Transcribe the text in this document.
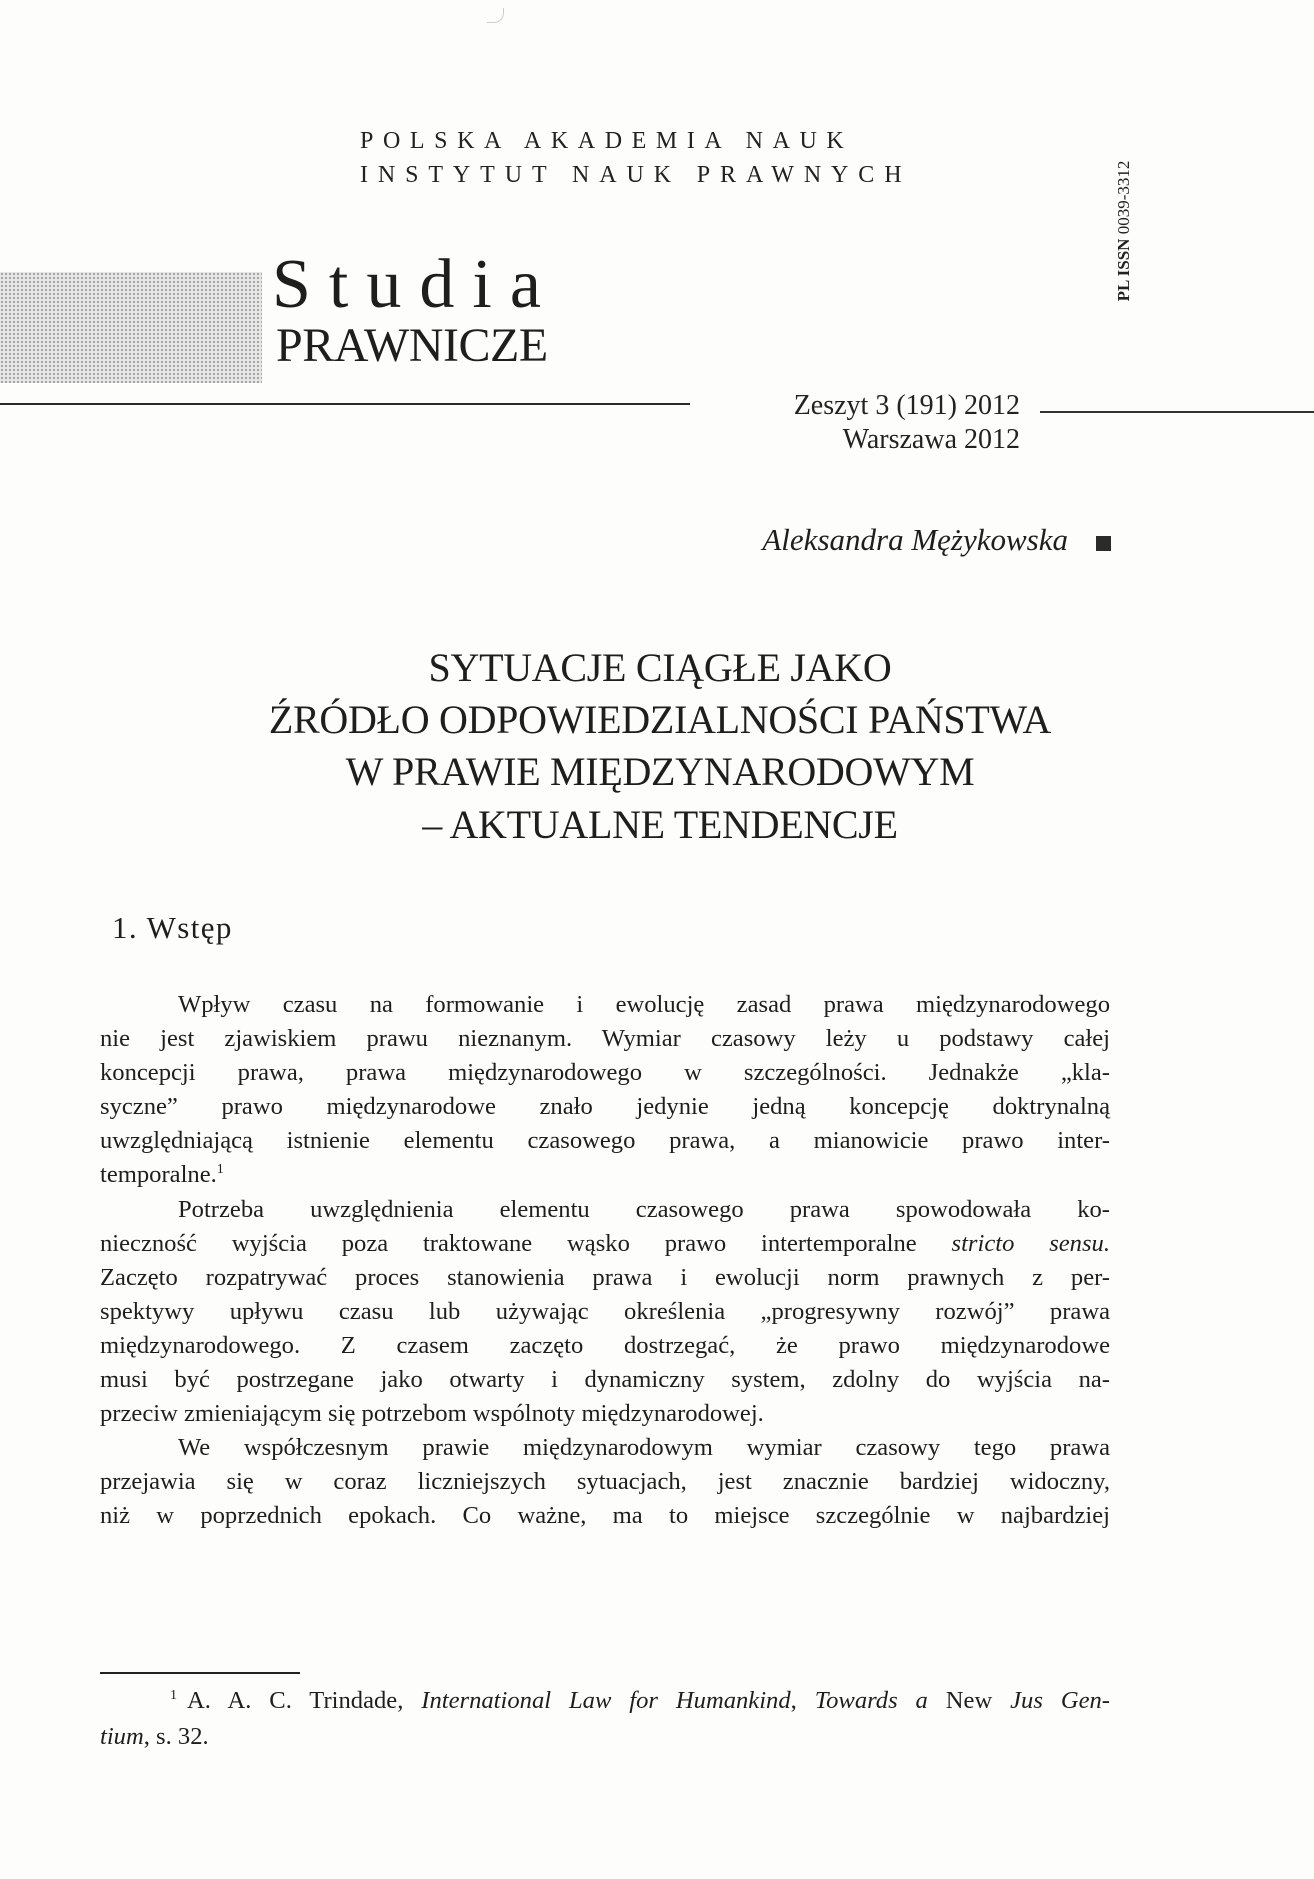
POLSKA AKADEMIA NAUK
INSTYTUT NAUK PRAWNYCH
Studia
PRAWNICZE
Zeszyt 3 (191) 2012
Warszawa 2012
PL ISSN 0039-3312
Aleksandra Mężykowska
SYTUACJE CIĄGŁE JAKO
ŹRÓDŁO ODPOWIEDZIALNOŚCI PAŃSTWA
W PRAWIE MIĘDZYNARODOWYM
– AKTUALNE TENDENCJE
1. Wstęp
Wpływ czasu na formowanie i ewolucję zasad prawa międzynarodowego
nie jest zjawiskiem prawu nieznanym. Wymiar czasowy leży u podstawy całej
koncepcji prawa, prawa międzynarodowego w szczególności. Jednakże „kla-
syczne” prawo międzynarodowe znało jedynie jedną koncepcję doktrynalną
uwzględniającą istnienie elementu czasowego prawa, a mianowicie prawo inter-
temporalne.$^1$
Potrzeba uwzględnienia elementu czasowego prawa spowodowała ko-
nieczność wyjścia poza traktowane wąsko prawo intertemporalne stricto sensu.
Zaczęto rozpatrywać proces stanowienia prawa i ewolucji norm prawnych z per-
spektywy upływu czasu lub używając określenia „progresywny rozwój” prawa
międzynarodowego. Z czasem zaczęto dostrzegać, że prawo międzynarodowe
musi być postrzegane jako otwarty i dynamiczny system, zdolny do wyjścia na-
przeciw zmieniającym się potrzebom wspólnoty międzynarodowej.
We współczesnym prawie międzynarodowym wymiar czasowy tego prawa
przejawia się w coraz liczniejszych sytuacjach, jest znacznie bardziej widoczny,
niż w poprzednich epokach. Co ważne, ma to miejsce szczególnie w najbardziej
$^1$ A. A. C. Trindade, International Law for Humankind, Towards a New Jus Gen-
tium, s. 32.
